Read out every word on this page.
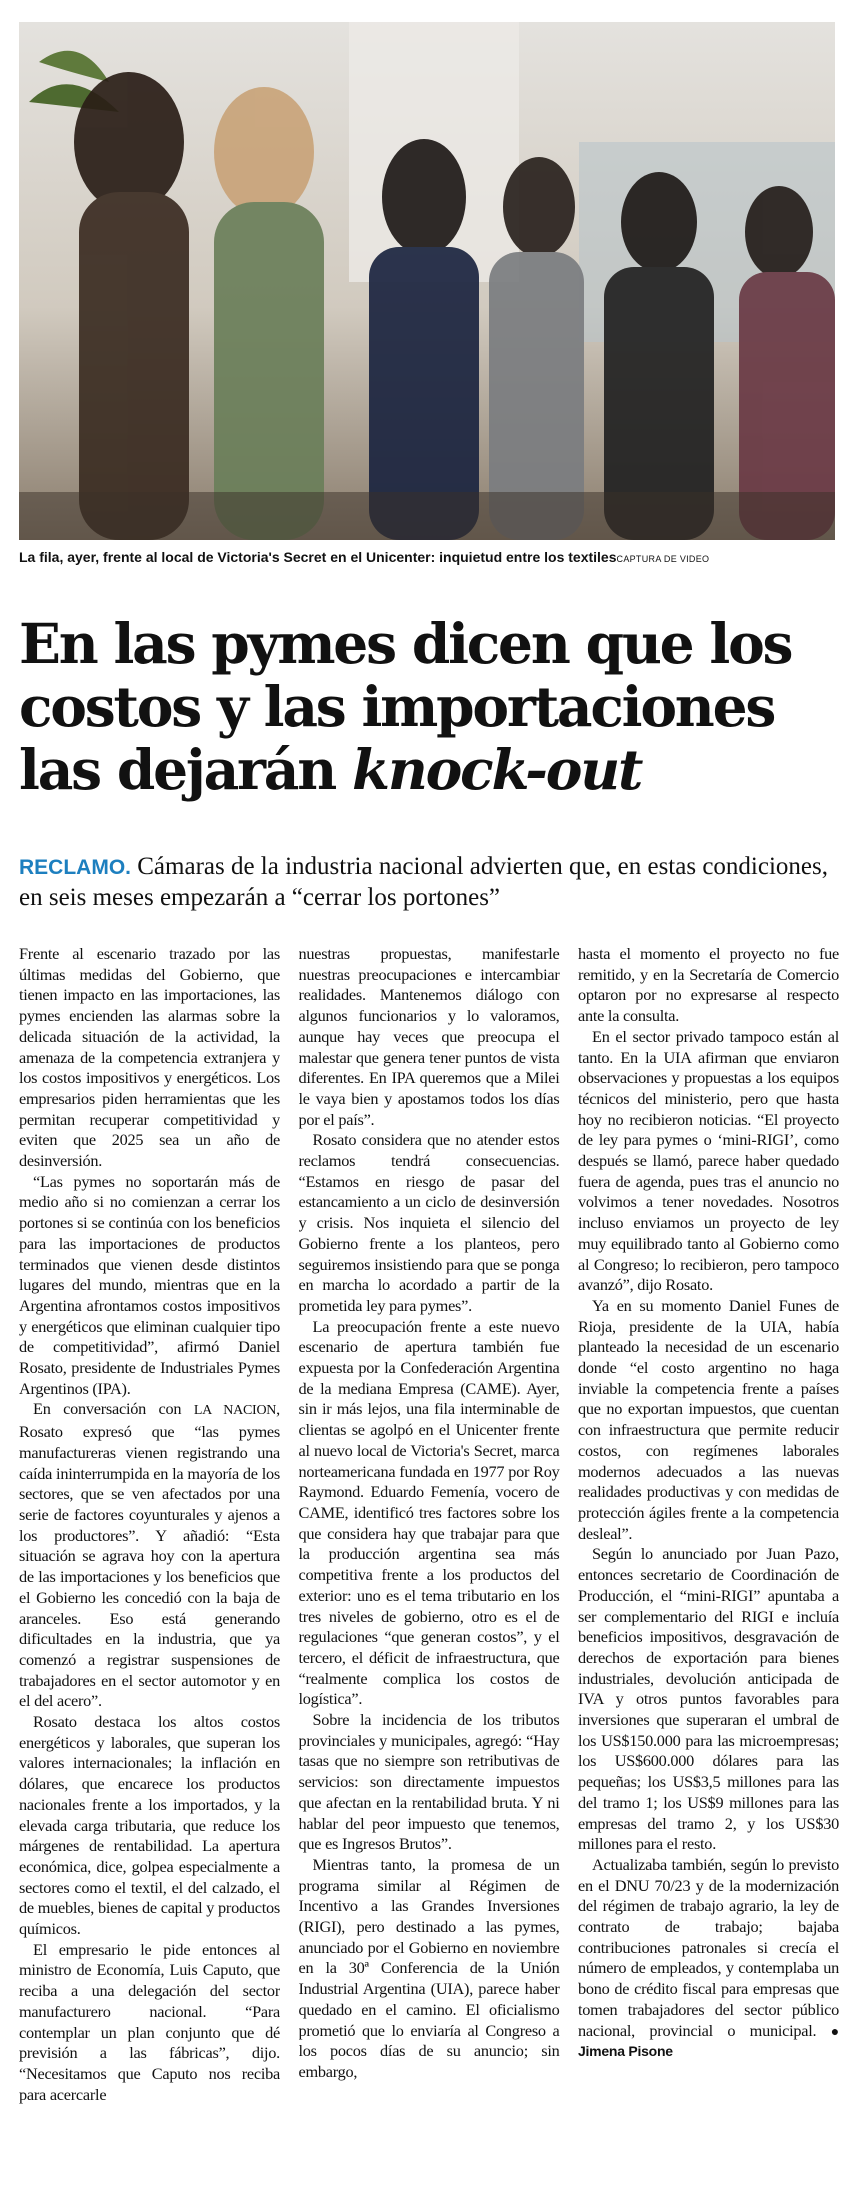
La fila, ayer, frente al local de Victoria's Secret en el Unicenter: inquietud entre los textilesCAPTURA DE VIDEO
En las pymes dicen que los
costos y las importaciones
las dejarán knock-out
RECLAMO. Cámaras de la industria nacional advierten que, en estas condiciones, en seis meses empezarán a “cerrar los portones”

Frente al escenario trazado por las últimas medidas del Gobierno, que tienen impacto en las importaciones, las pymes encienden las alarmas sobre la delicada situación de la actividad, la amenaza de la competencia extranjera y los costos impositivos y energéticos. Los empresarios piden herramientas que les permitan recuperar competitividad y eviten que 2025 sea un año de desinversión.

“Las pymes no soportarán más de medio año si no comienzan a cerrar los portones si se continúa con los beneficios para las importaciones de productos terminados que vienen desde distintos lugares del mundo, mientras que en la Argentina afrontamos costos impositivos y energéticos que eliminan cualquier tipo de competitividad”, afirmó Daniel Rosato, presidente de Industriales Pymes Argentinos (IPA).

En conversación con LA NACION, Rosato expresó que “las pymes manufactureras vienen registrando una caída ininterrumpida en la mayoría de los sectores, que se ven afectados por una serie de factores coyunturales y ajenos a los productores”. Y añadió: “Esta situación se agrava hoy con la apertura de las importaciones y los beneficios que el Gobierno les concedió con la baja de aranceles. Eso está generando dificultades en la industria, que ya comenzó a registrar suspensiones de trabajadores en el sector automotor y en el del acero”.

Rosato destaca los altos costos energéticos y laborales, que superan los valores internacionales; la inflación en dólares, que encarece los productos nacionales frente a los importados, y la elevada carga tributaria, que reduce los márgenes de rentabilidad. La apertura económica, dice, golpea especialmente a sectores como el textil, el del calzado, el de muebles, bienes de capital y productos químicos.

El empresario le pide entonces al ministro de Economía, Luis Caputo, que reciba a una delegación del sector manufacturero nacional. “Para contemplar un plan conjunto que dé previsión a las fábricas”, dijo. “Necesitamos que Caputo nos reciba para acercarle

nuestras propuestas, manifestarle nuestras preocupaciones e intercambiar realidades. Mantenemos diálogo con algunos funcionarios y lo valoramos, aunque hay veces que preocupa el malestar que genera tener puntos de vista diferentes. En IPA queremos que a Milei le vaya bien y apostamos todos los días por el país”.

Rosato considera que no atender estos reclamos tendrá consecuencias. “Estamos en riesgo de pasar del estancamiento a un ciclo de desinversión y crisis. Nos inquieta el silencio del Gobierno frente a los planteos, pero seguiremos insistiendo para que se ponga en marcha lo acordado a partir de la prometida ley para pymes”.

La preocupación frente a este nuevo escenario de apertura también fue expuesta por la Confederación Argentina de la mediana Empresa (CAME). Ayer, sin ir más lejos, una fila interminable de clientas se agolpó en el Unicenter frente al nuevo local de Victoria's Secret, marca norteamericana fundada en 1977 por Roy Raymond. Eduardo Femenía, vocero de CAME, identificó tres factores sobre los que considera hay que trabajar para que la producción argentina sea más competitiva frente a los productos del exterior: uno es el tema tributario en los tres niveles de gobierno, otro es el de regulaciones “que generan costos”, y el tercero, el déficit de infraestructura, que “realmente complica los costos de logística”.

Sobre la incidencia de los tributos provinciales y municipales, agregó: “Hay tasas que no siempre son retributivas de servicios: son directamente impuestos que afectan en la rentabilidad bruta. Y ni hablar del peor impuesto que tenemos, que es Ingresos Brutos”.

Mientras tanto, la promesa de un programa similar al Régimen de Incentivo a las Grandes Inversiones (RIGI), pero destinado a las pymes, anunciado por el Gobierno en noviembre en la 30ª Conferencia de la Unión Industrial Argentina (UIA), parece haber quedado en el camino. El oficialismo prometió que lo enviaría al Congreso a los pocos días de su anuncio; sin embargo,

hasta el momento el proyecto no fue remitido, y en la Secretaría de Comercio optaron por no expresarse al respecto ante la consulta.

En el sector privado tampoco están al tanto. En la UIA afirman que enviaron observaciones y propuestas a los equipos técnicos del ministerio, pero que hasta hoy no recibieron noticias. “El proyecto de ley para pymes o ‘mini-RIGI’, como después se llamó, parece haber quedado fuera de agenda, pues tras el anuncio no volvimos a tener novedades. Nosotros incluso enviamos un proyecto de ley muy equilibrado tanto al Gobierno como al Congreso; lo recibieron, pero tampoco avanzó”, dijo Rosato.

Ya en su momento Daniel Funes de Rioja, presidente de la UIA, había planteado la necesidad de un escenario donde “el costo argentino no haga inviable la competencia frente a países que no exportan impuestos, que cuentan con infraestructura que permite reducir costos, con regímenes laborales modernos adecuados a las nuevas realidades productivas y con medidas de protección ágiles frente a la competencia desleal”.

Según lo anunciado por Juan Pazo, entonces secretario de Coordinación de Producción, el “mini-RIGI” apuntaba a ser complementario del RIGI e incluía beneficios impositivos, desgravación de derechos de exportación para bienes industriales, devolución anticipada de IVA y otros puntos favorables para inversiones que superaran el umbral de los US$150.000 para las microempresas; los US$600.000 dólares para las pequeñas; los US$3,5 millones para las del tramo 1; los US$9 millones para las empresas del tramo 2, y los US$30 millones para el resto.

Actualizaba también, según lo previsto en el DNU 70/23 y de la modernización del régimen de trabajo agrario, la ley de contrato de trabajo; bajaba contribuciones patronales si crecía el número de empleados, y contemplaba un bono de crédito fiscal para empresas que tomen trabajadores del sector público nacional, provincial o municipal. ● Jimena Pisone
